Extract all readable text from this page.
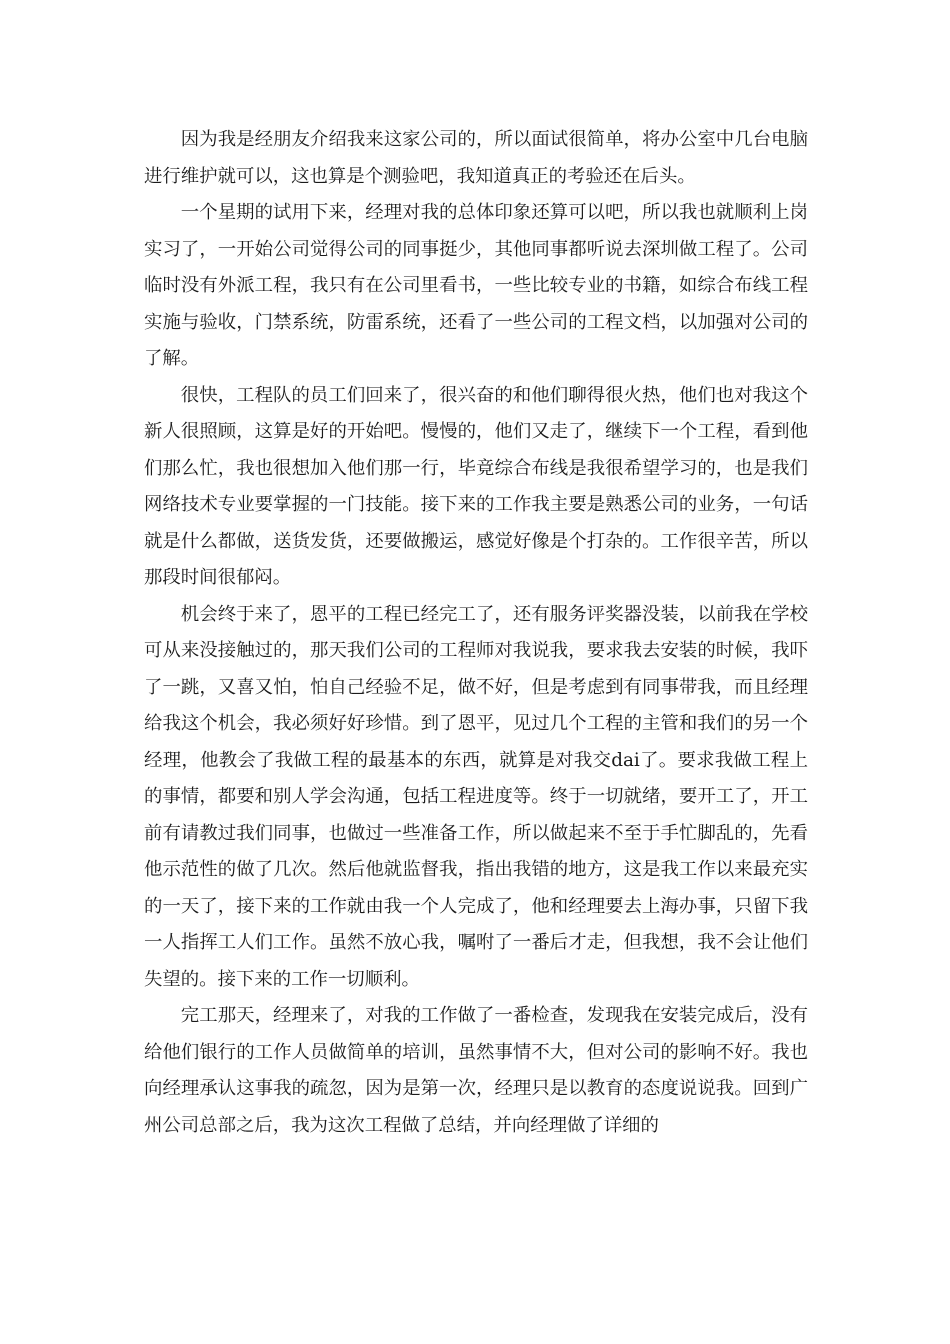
因为我是经朋友介绍我来这家公司的，所以面试很简单，将办公室中几台电脑进行维护就可以，这也算是个测验吧，我知道真正的考验还在后头。

一个星期的试用下来，经理对我的总体印象还算可以吧，所以我也就顺利上岗实习了，一开始公司觉得公司的同事挺少，其他同事都听说去深圳做工程了。公司临时没有外派工程，我只有在公司里看书，一些比较专业的书籍，如综合布线工程实施与验收，门禁系统，防雷系统，还看了一些公司的工程文档，以加强对公司的了解。

很快，工程队的员工们回来了，很兴奋的和他们聊得很火热，他们也对我这个新人很照顾，这算是好的开始吧。慢慢的，他们又走了，继续下一个工程，看到他们那么忙，我也很想加入他们那一行，毕竟综合布线是我很希望学习的，也是我们网络技术专业要掌握的一门技能。接下来的工作我主要是熟悉公司的业务，一句话就是什么都做，送货发货，还要做搬运，感觉好像是个打杂的。工作很辛苦，所以那段时间很郁闷。

机会终于来了，恩平的工程已经完工了，还有服务评奖器没装，以前我在学校可从来没接触过的，那天我们公司的工程师对我说我，要求我去安装的时候，我吓了一跳，又喜又怕，怕自己经验不足，做不好，但是考虑到有同事带我，而且经理给我这个机会，我必须好好珍惜。到了恩平，见过几个工程的主管和我们的另一个经理，他教会了我做工程的最基本的东西，就算是对我交dai了。要求我做工程上的事情，都要和别人学会沟通，包括工程进度等。终于一切就绪，要开工了，开工前有请教过我们同事，也做过一些准备工作，所以做起来不至于手忙脚乱的，先看他示范性的做了几次。然后他就监督我，指出我错的地方，这是我工作以来最充实的一天了，接下来的工作就由我一个人完成了，他和经理要去上海办事，只留下我一人指挥工人们工作。虽然不放心我，嘱咐了一番后才走，但我想，我不会让他们失望的。接下来的工作一切顺利。

完工那天，经理来了，对我的工作做了一番检查，发现我在安装完成后，没有给他们银行的工作人员做简单的培训，虽然事情不大，但对公司的影响不好。我也向经理承认这事我的疏忽，因为是第一次，经理只是以教育的态度说说我。回到广州公司总部之后，我为这次工程做了总结，并向经理做了详细的
